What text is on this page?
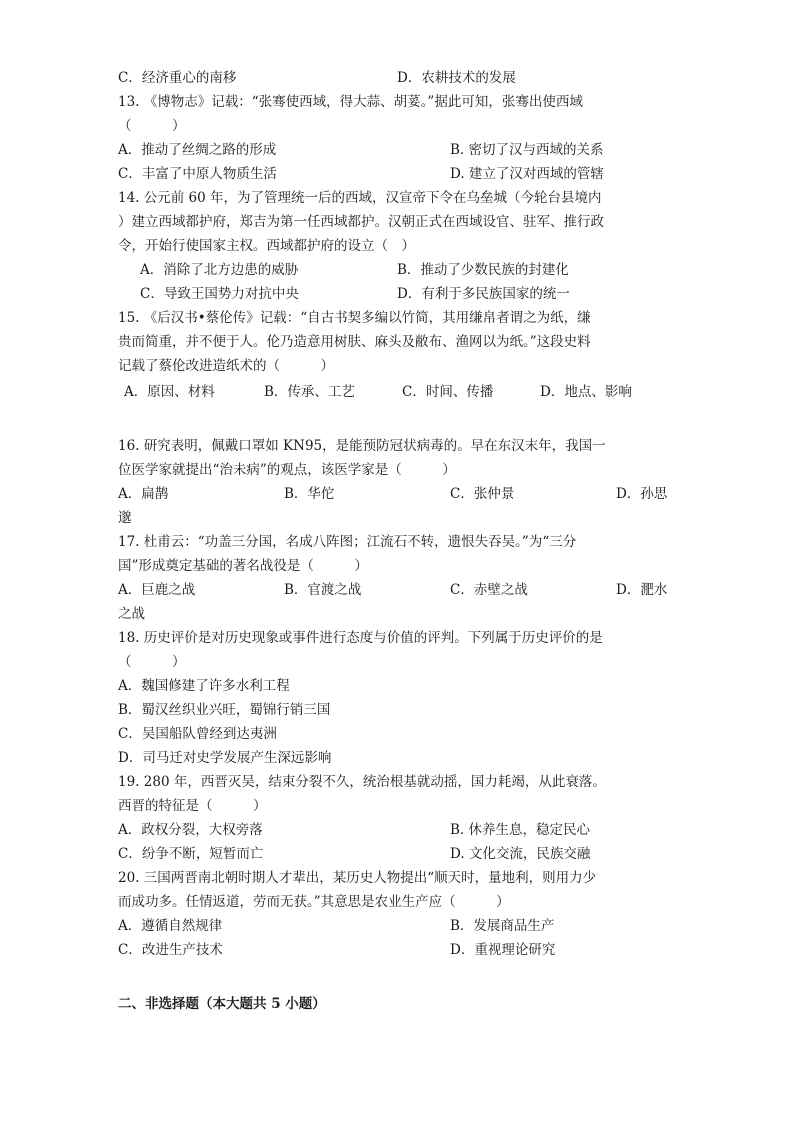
C．经济重心的南移	D．农耕技术的发展
13. 《博物志》记载：“张骞使西域，得大蒜、胡荽。”据此可知，张骞出使西域
（　　　）
A．推动了丝绸之路的形成	B. 密切了汉与西域的关系
C．丰富了中原人物质生活	D. 建立了汉对西域的管辖
14. 公元前 60 年，为了管理统一后的西域，汉宣帝下令在乌垒城（今轮台县境内
）建立西域都护府，郑吉为第一任西域都护。汉朝正式在西域设官、驻军、推行政
令，开始行使国家主权。西域都护府的设立（　）
A．消除了北方边患的威胁	B．推动了少数民族的封建化
C．导致王国势力对抗中央	D．有利于多民族国家的统一
15. 《后汉书•蔡伦传》记载：“自古书契多编以竹简，其用缣帛者谓之为纸，缣
贵而简重，并不便于人。伦乃造意用树肤、麻头及敝布、渔网以为纸。”这段史料
记载了蔡伦改进造纸术的（　　　）
A．原因、材料	B．传承、工艺	C．时间、传播	D．地点、影响
16. 研究表明，佩戴口罩如 KN95，是能预防冠状病毒的。早在东汉末年，我国一
位医学家就提出“治未病”的观点，该医学家是（　　　）
A．扁鹊	B．华佗	C．张仲景	D．孙思
邈
17. 杜甫云：“功盖三分国，名成八阵图；江流石不转，遗恨失吞吴。”为“三分
国”形成奠定基础的著名战役是（　　　）
A．巨鹿之战	B．官渡之战	C．赤壁之战	D．淝水
之战
18. 历史评价是对历史现象或事件进行态度与价值的评判。下列属于历史评价的是
（　　　）
A．魏国修建了许多水利工程
B．蜀汉丝织业兴旺，蜀锦行销三国
C．吴国船队曾经到达夷洲
D．司马迁对史学发展产生深远影响
19. 280 年，西晋灭吴，结束分裂不久，统治根基就动摇，国力耗竭，从此衰落。
西晋的特征是（　　　）
A．政权分裂，大权旁落	B. 休养生息，稳定民心
C．纷争不断，短暂而亡	D. 文化交流，民族交融
20. 三国两晋南北朝时期人才辈出，某历史人物提出“顺天时，量地利，则用力少
而成功多。任情返道，劳而无获。”其意思是农业生产应（　　　）
A．遵循自然规律	B．发展商品生产
C．改进生产技术	D．重视理论研究
二、非选择题（本大题共 5 小题）
